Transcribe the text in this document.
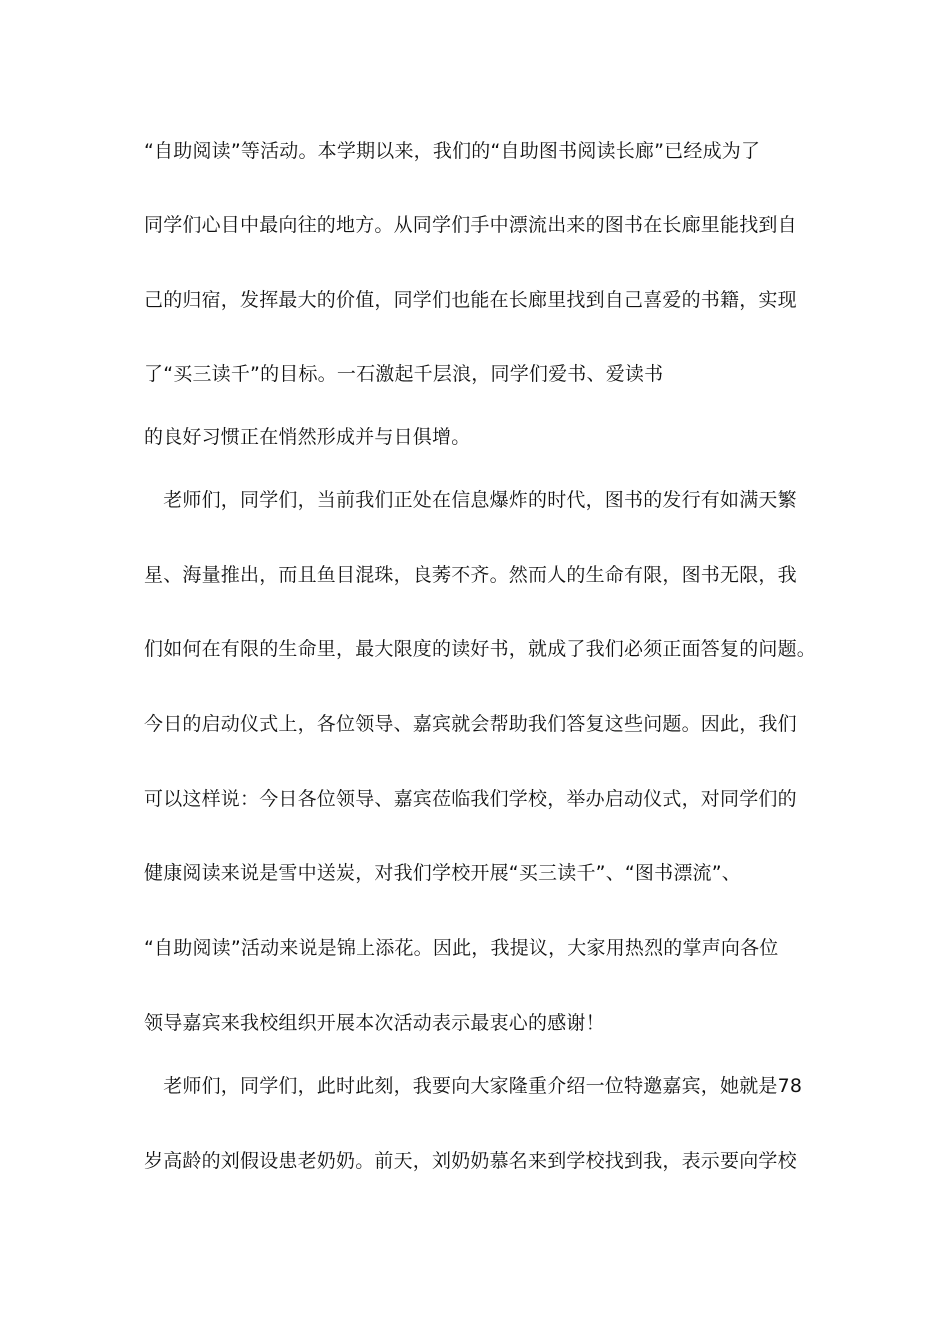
“自助阅读”等活动。本学期以来，我们的“自助图书阅读长廊”已经成为了
同学们心目中最向往的地方。从同学们手中漂流出来的图书在长廊里能找到自
己的归宿，发挥最大的价值，同学们也能在长廊里找到自己喜爱的书籍，实现
了“买三读千”的目标。一石激起千层浪，同学们爱书、爱读书
的良好习惯正在悄然形成并与日俱增。
　老师们，同学们，当前我们正处在信息爆炸的时代，图书的发行有如满天繁
星、海量推出，而且鱼目混珠，良莠不齐。然而人的生命有限，图书无限，我
们如何在有限的生命里，最大限度的读好书，就成了我们必须正面答复的问题。
今日的启动仪式上，各位领导、嘉宾就会帮助我们答复这些问题。因此，我们
可以这样说：今日各位领导、嘉宾莅临我们学校，举办启动仪式，对同学们的
健康阅读来说是雪中送炭，对我们学校开展“买三读千”、“图书漂流”、
“自助阅读”活动来说是锦上添花。因此，我提议，大家用热烈的掌声向各位
领导嘉宾来我校组织开展本次活动表示最衷心的感谢！
　老师们，同学们，此时此刻，我要向大家隆重介绍一位特邀嘉宾，她就是78
岁高龄的刘假设患老奶奶。前天，刘奶奶慕名来到学校找到我，表示要向学校
